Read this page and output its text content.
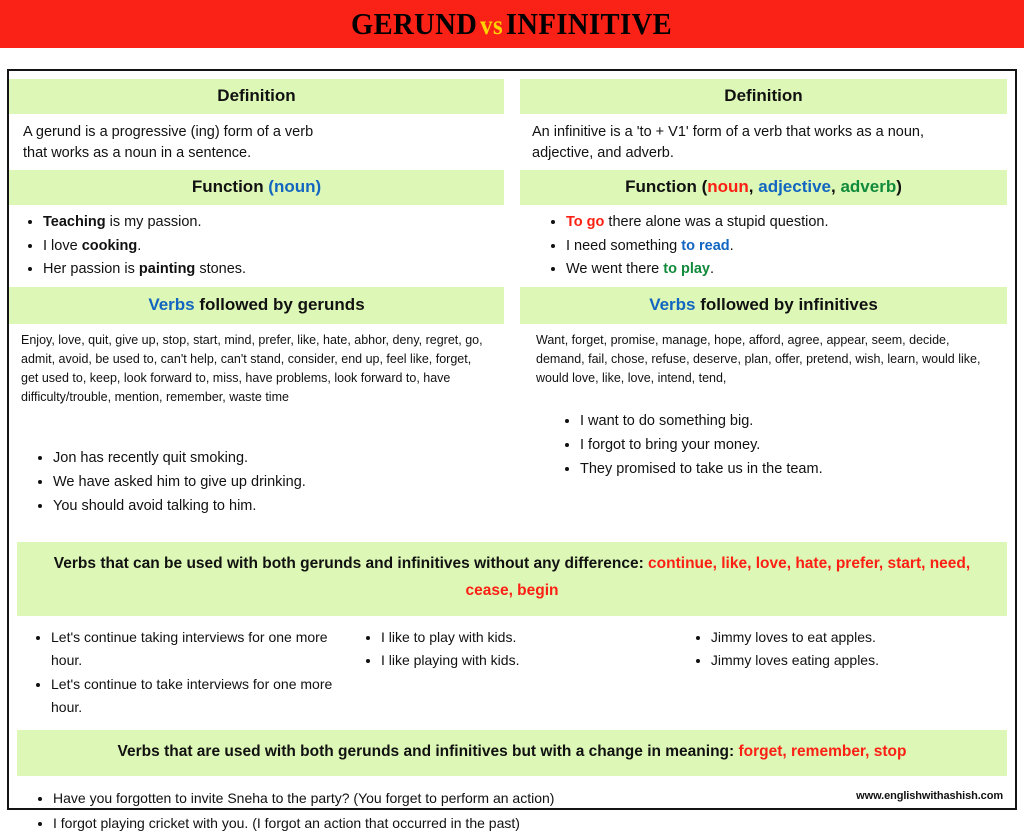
GERUND vsINFINITIVE
Definition
A gerund is a progressive (ing) form of a verb
that works as a noun in a sentence.
Definition
An infinitive is a 'to + V1' form of a verb that works as a noun,
adjective, and adverb.
Function (noun)
• Teaching is my passion.
• I love cooking.
• Her passion is painting stones.
Function (noun, adjective, adverb)
• To go there alone was a stupid question.
• I need something to read.
• We went there to play.
Verbs followed by gerunds
Enjoy, love, quit, give up, stop, start, mind, prefer, like, hate, abhor, deny, regret, go, admit, avoid, be used to, can't help, can't stand, consider, end up, feel like, forget, get used to, keep, look forward to, miss, have problems, look forward to, have difficulty/trouble, mention, remember, waste time
• Jon has recently quit smoking.
• We have asked him to give up drinking.
• You should avoid talking to him.
Verbs followed by infinitives
Want, forget, promise, manage, hope, afford, agree, appear, seem, decide, demand, fail, chose, refuse, deserve, plan, offer, pretend, wish, learn, would like, would love, like, love, intend, tend,
• I want to do something big.
• I forgot to bring your money.
• They promised to take us in the team.
Verbs that can be used with both gerunds and infinitives without any difference: continue, like, love, hate, prefer, start, need, cease, begin
• Let's continue taking interviews for one more hour.
• Let's continue to take interviews for one more hour.
• I like to play with kids.
• I like playing with kids.
• Jimmy loves to eat apples.
• Jimmy loves eating apples.
Verbs that are used with both gerunds and infinitives but with a change in meaning: forget, remember, stop
• Have you forgotten to invite Sneha to the party? (You forget to perform an action)
• I forgot playing cricket with you. (I forgot an action that occurred in the past)
www.englishwithashish.com
